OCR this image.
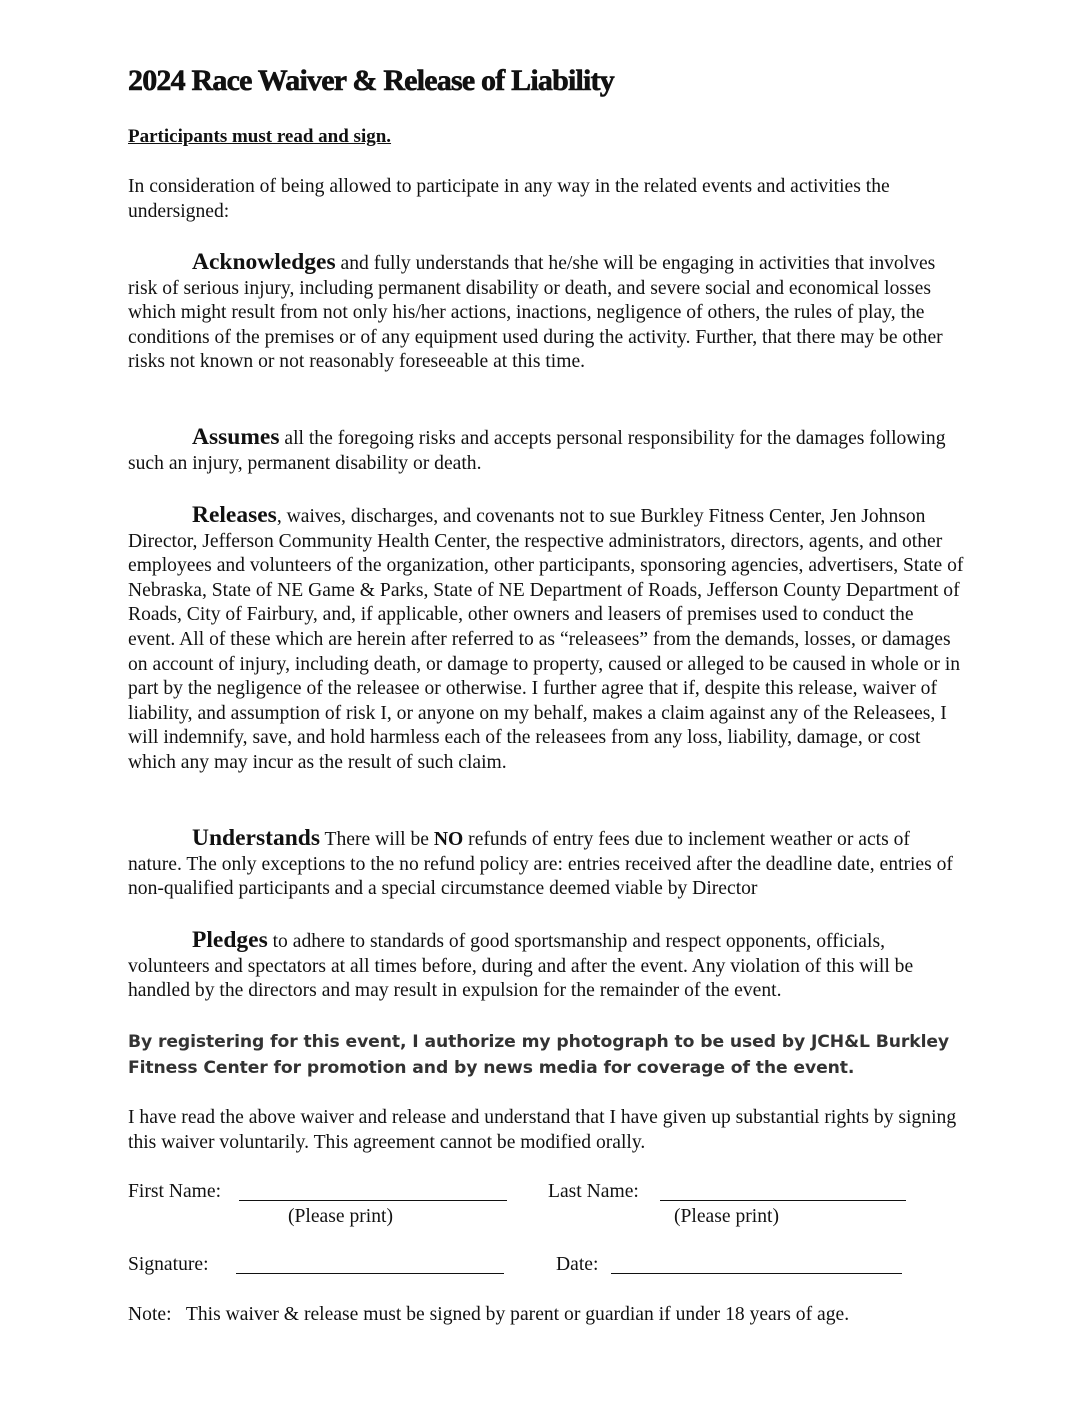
2024 Race Waiver & Release of Liability
Participants must read and sign.
In consideration of being allowed to participate in any way in the related events and activities the undersigned:
Acknowledges and fully understands that he/she will be engaging in activities that involves risk of serious injury, including permanent disability or death, and severe social and economical losses which might result from not only his/her actions, inactions, negligence of others, the rules of play, the conditions of the premises or of any equipment used during the activity. Further, that there may be other risks not known or not reasonably foreseeable at this time.
Assumes all the foregoing risks and accepts personal responsibility for the damages following such an injury, permanent disability or death.
Releases, waives, discharges, and covenants not to sue Burkley Fitness Center, Jen Johnson Director, Jefferson Community Health Center, the respective administrators, directors, agents, and other employees and volunteers of the organization, other participants, sponsoring agencies, advertisers, State of Nebraska, State of NE Game & Parks, State of NE Department of Roads, Jefferson County Department of Roads, City of Fairbury, and, if applicable, other owners and leasers of premises used to conduct the event. All of these which are herein after referred to as “releasees” from the demands, losses, or damages on account of injury, including death, or damage to property, caused or alleged to be caused in whole or in part by the negligence of the releasee or otherwise. I further agree that if, despite this release, waiver of liability, and assumption of risk I, or anyone on my behalf, makes a claim against any of the Releasees, I will indemnify, save, and hold harmless each of the releasees from any loss, liability, damage, or cost which any may incur as the result of such claim.
Understands There will be NO refunds of entry fees due to inclement weather or acts of nature. The only exceptions to the no refund policy are: entries received after the deadline date, entries of non-qualified participants and a special circumstance deemed viable by Director
Pledges to adhere to standards of good sportsmanship and respect opponents, officials, volunteers and spectators at all times before, during and after the event. Any violation of this will be handled by the directors and may result in expulsion for the remainder of the event.
By registering for this event, I authorize my photograph to be used by JCH&L Burkley Fitness Center for promotion and by news media for coverage of the event.
I have read the above waiver and release and understand that I have given up substantial rights by signing this waiver voluntarily. This agreement cannot be modified orally.
First Name:
(Please print)
Last Name:
(Please print)
Signature:	Date:
Note:   This waiver & release must be signed by parent or guardian if under 18 years of age.
